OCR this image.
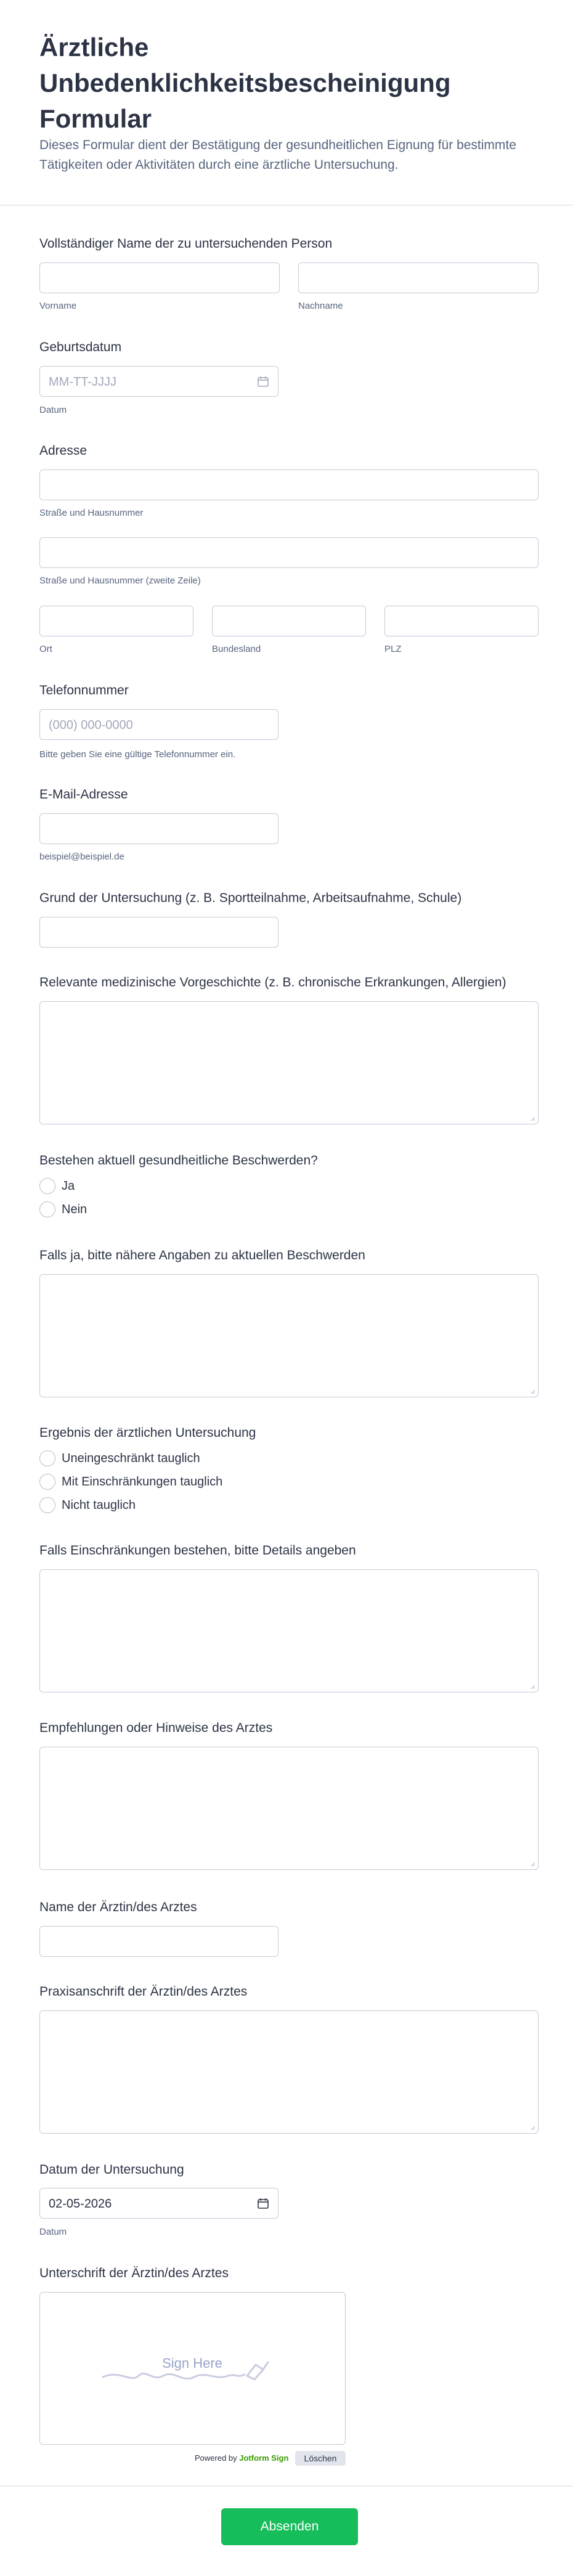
Ärztliche Unbedenklichkeitsbescheinigung Formular

Dieses Formular dient der Bestätigung der gesundheitlichen Eignung für bestimmte Tätigkeiten oder Aktivitäten durch eine ärztliche Untersuchung.

Vollständiger Name der zu untersuchenden Person
Vorname	Nachname
Geburtsdatum
MM-TT-JJJJ
Datum
Adresse
Straße und Hausnummer
Straße und Hausnummer (zweite Zeile)
Ort	Bundesland	PLZ
Telefonnummer
(000) 000-0000
Bitte geben Sie eine gültige Telefonnummer ein.
E-Mail-Adresse
beispiel@beispiel.de
Grund der Untersuchung (z. B. Sportteilnahme, Arbeitsaufnahme, Schule)
Relevante medizinische Vorgeschichte (z. B. chronische Erkrankungen, Allergien)
Bestehen aktuell gesundheitliche Beschwerden?
Ja
Nein
Falls ja, bitte nähere Angaben zu aktuellen Beschwerden
Ergebnis der ärztlichen Untersuchung
Uneingeschränkt tauglich
Mit Einschränkungen tauglich
Nicht tauglich
Falls Einschränkungen bestehen, bitte Details angeben
Empfehlungen oder Hinweise des Arztes
Name der Ärztin/des Arztes
Praxisanschrift der Ärztin/des Arztes
Datum der Untersuchung
02-05-2026
Datum
Unterschrift der Ärztin/des Arztes
Sign Here
Powered by Jotform Sign	Löschen
Absenden
